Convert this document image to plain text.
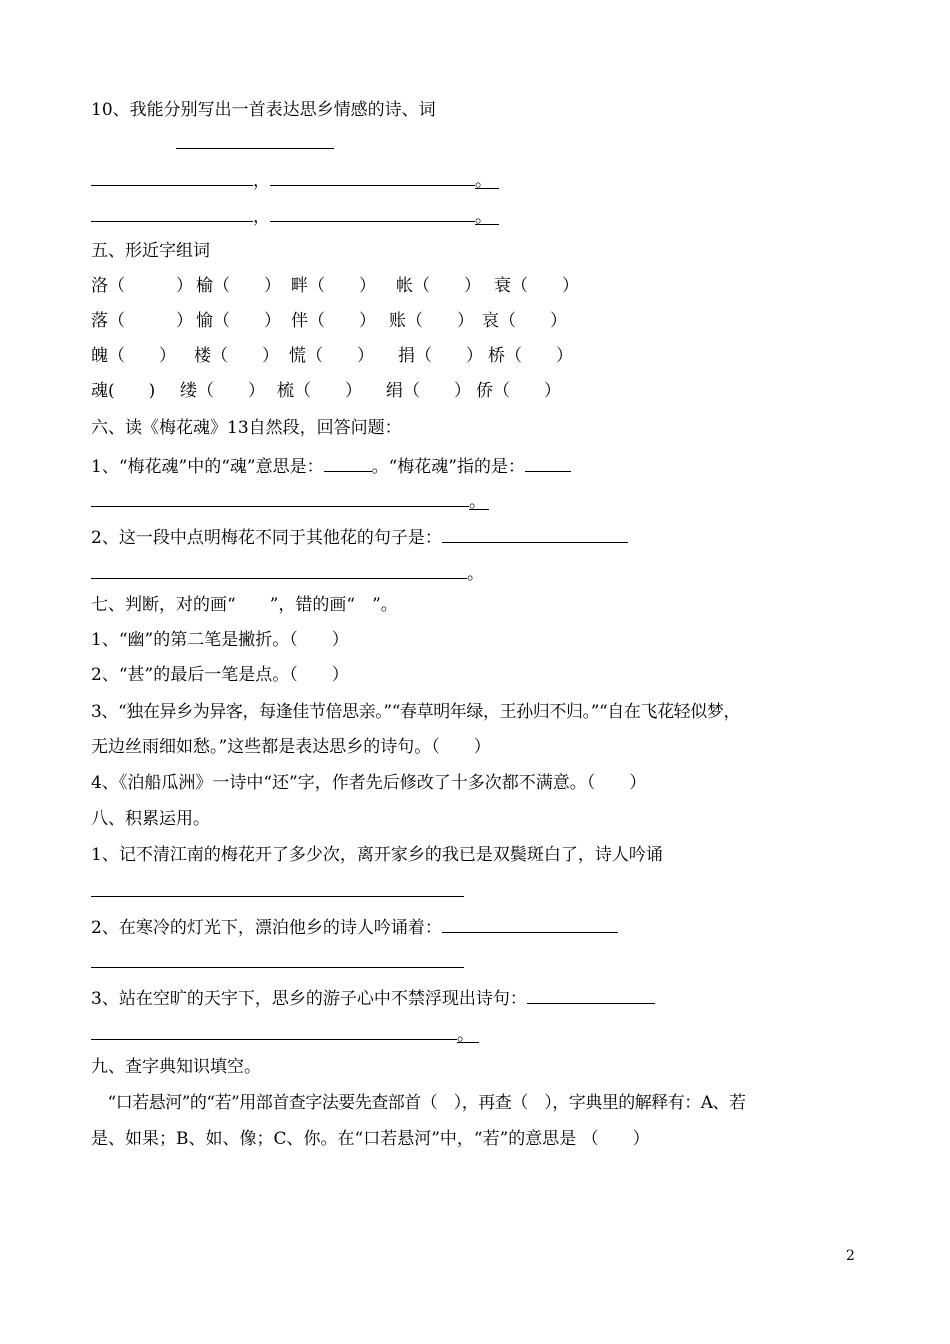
10、我能分别写出一首表达思乡情感的诗、词
，	。
，	。
五、形近字组词
洛（　　　） 榆（　　） 畔（　　） 帐（　　） 衰（　　）
落（　　　） 愉（　　） 伴（　　） 账（　　） 哀（　　）
魄（　　） 楼（　　） 慌（　　） 捐（　　） 桥（　　）
魂(　　) 缕（　　） 梳（　　） 绢（　　） 侨（　　）
六、读《梅花魂》13自然段，回答问题：
1、“梅花魂”中的“魂”意思是：	。“梅花魂”指的是：
。
2、这一段中点明梅花不同于其他花的句子是：
。
七、判断，对的画“　　”，错的画“　”。
1、“幽”的第二笔是撇折。（　　）
2、“甚”的最后一笔是点。（　　）
3、“独在异乡为异客，每逢佳节倍思亲。”“春草明年绿，王孙归不归。”“自在飞花轻似梦，
无边丝雨细如愁。”这些都是表达思乡的诗句。（　　）
4、《泊船瓜洲》一诗中“还”字，作者先后修改了十多次都不满意。（　　）
八、积累运用。
1、记不清江南的梅花开了多少次，离开家乡的我已是双鬓斑白了，诗人吟诵
2、在寒冷的灯光下，漂泊他乡的诗人吟诵着：
3、站在空旷的天宇下，思乡的游子心中不禁浮现出诗句：
。
九、查字典知识填空。
　“口若悬河”的“若”用部首查字法要先查部首（　），再查（　），字典里的解释有：A、若
是、如果；B、如、像；C、你。在“口若悬河”中，“若”的意思是 （　　）
2
